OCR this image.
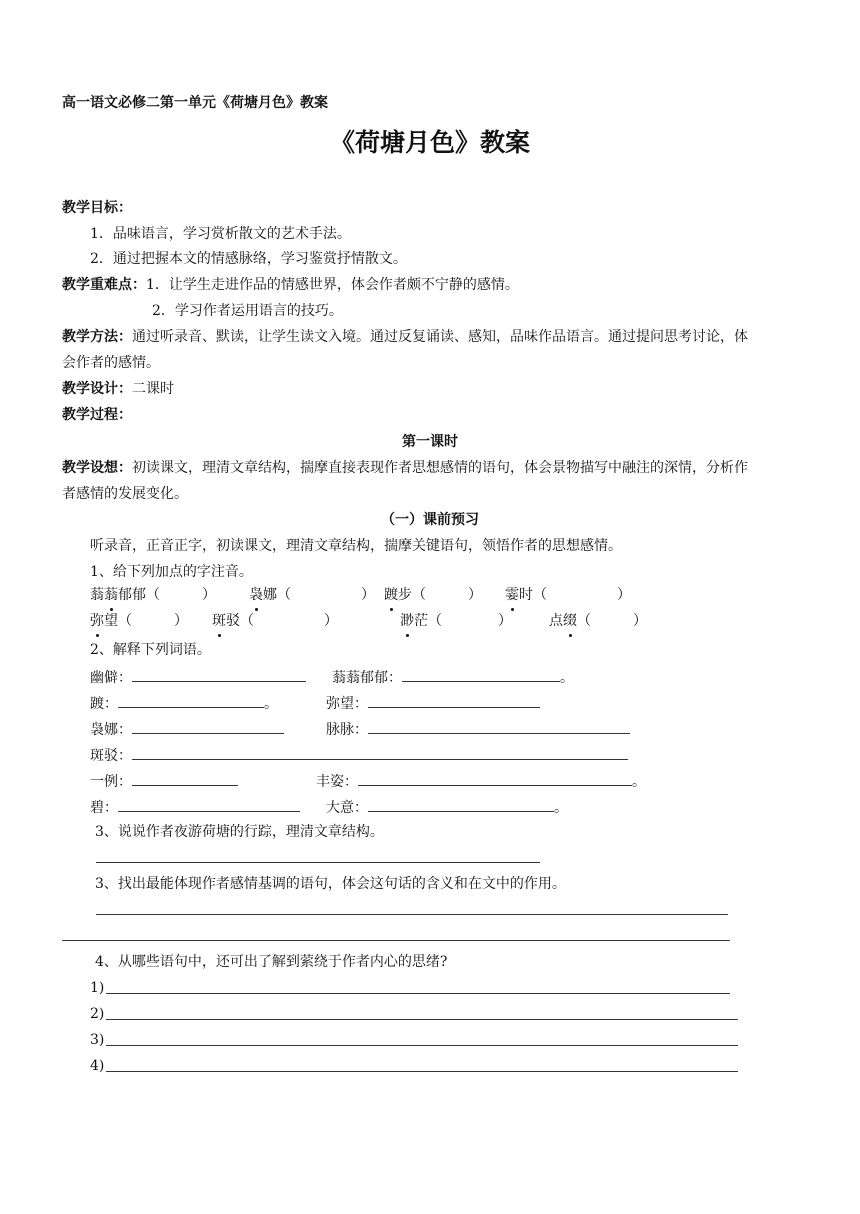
高一语文必修二第一单元《荷塘月色》教案
《荷塘月色》教案
教学目标：
1．品味语言，学习赏析散文的艺术手法。
2．通过把握本文的情感脉络，学习鉴赏抒情散文。
教学重难点：1．让学生走进作品的情感世界，体会作者颇不宁静的感情。
2．学习作者运用语言的技巧。
教学方法：通过听录音、默读，让学生读文入境。通过反复诵读、感知，品味作品语言。通过提问思考讨论，体
会作者的感情。
教学设计：二课时
教学过程：
第一课时
教学设想：初读课文，理清文章结构，揣摩直接表现作者思想感情的语句，体会景物描写中融注的深情，分析作
者感情的发展变化。
（一）课前预习
听录音，正音正字，初读课文，理清文章结构，揣摩关键语句，领悟作者的思想感情。
1、给下列加点的字注音。
蓊蓊郁郁（　　　） 袅娜（　　　　　） 踱步（　　　） 霎时（　　　　　）
弥望（　　　） 斑驳（　　　　　）	渺茫（　　　　）	点缀（　　　）
2、解释下列词语。
幽僻：	蓊蓊郁郁：	。
踱：	。	弥望：
袅娜：	脉脉：
斑驳：
一例：	丰姿：	。
碧：	大意：	。
3、说说作者夜游荷塘的行踪，理清文章结构。
3、找出最能体现作者感情基调的语句，体会这句话的含义和在文中的作用。
4、从哪些语句中，还可出了解到萦绕于作者内心的思绪?
1)
2)
3)
4)
